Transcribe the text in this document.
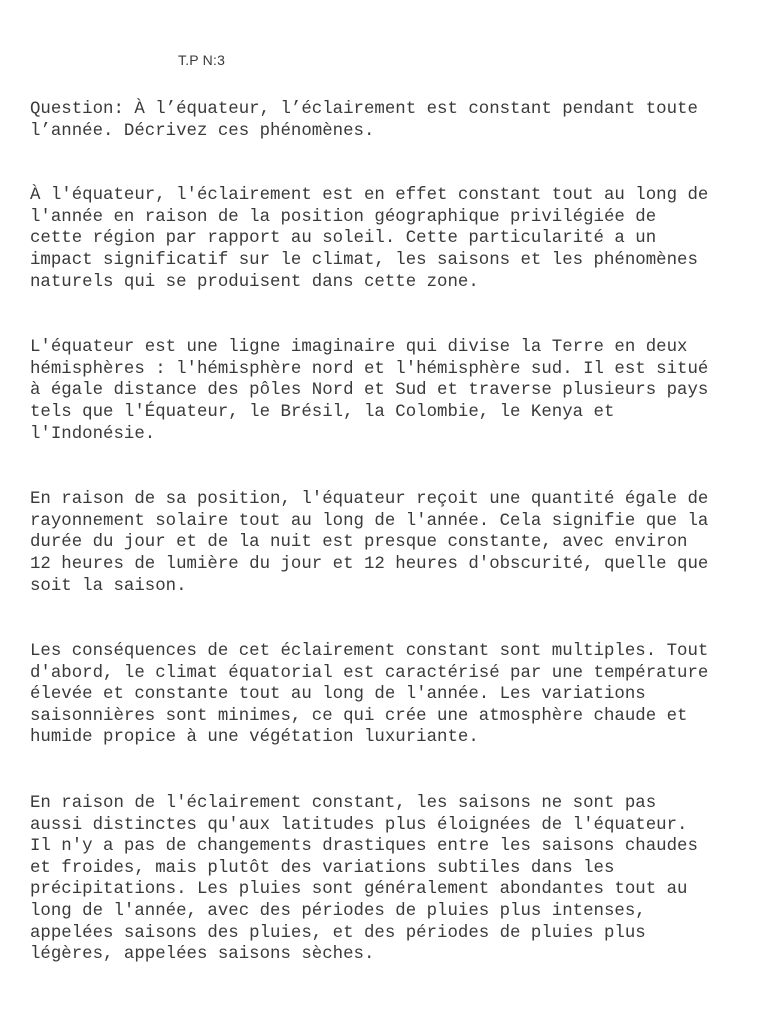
T.P N:3

Question: À l’équateur, l’éclairement est constant pendant toute
l’année. Décrivez ces phénomènes.

À l'équateur, l'éclairement est en effet constant tout au long de
l'année en raison de la position géographique privilégiée de
cette région par rapport au soleil. Cette particularité a un
impact significatif sur le climat, les saisons et les phénomènes
naturels qui se produisent dans cette zone.

L'équateur est une ligne imaginaire qui divise la Terre en deux
hémisphères : l'hémisphère nord et l'hémisphère sud. Il est situé
à égale distance des pôles Nord et Sud et traverse plusieurs pays
tels que l'Équateur, le Brésil, la Colombie, le Kenya et
l'Indonésie.

En raison de sa position, l'équateur reçoit une quantité égale de
rayonnement solaire tout au long de l'année. Cela signifie que la
durée du jour et de la nuit est presque constante, avec environ
12 heures de lumière du jour et 12 heures d'obscurité, quelle que
soit la saison.

Les conséquences de cet éclairement constant sont multiples. Tout
d'abord, le climat équatorial est caractérisé par une température
élevée et constante tout au long de l'année. Les variations
saisonnières sont minimes, ce qui crée une atmosphère chaude et
humide propice à une végétation luxuriante.

En raison de l'éclairement constant, les saisons ne sont pas
aussi distinctes qu'aux latitudes plus éloignées de l'équateur.
Il n'y a pas de changements drastiques entre les saisons chaudes
et froides, mais plutôt des variations subtiles dans les
précipitations. Les pluies sont généralement abondantes tout au
long de l'année, avec des périodes de pluies plus intenses,
appelées saisons des pluies, et des périodes de pluies plus
légères, appelées saisons sèches.
